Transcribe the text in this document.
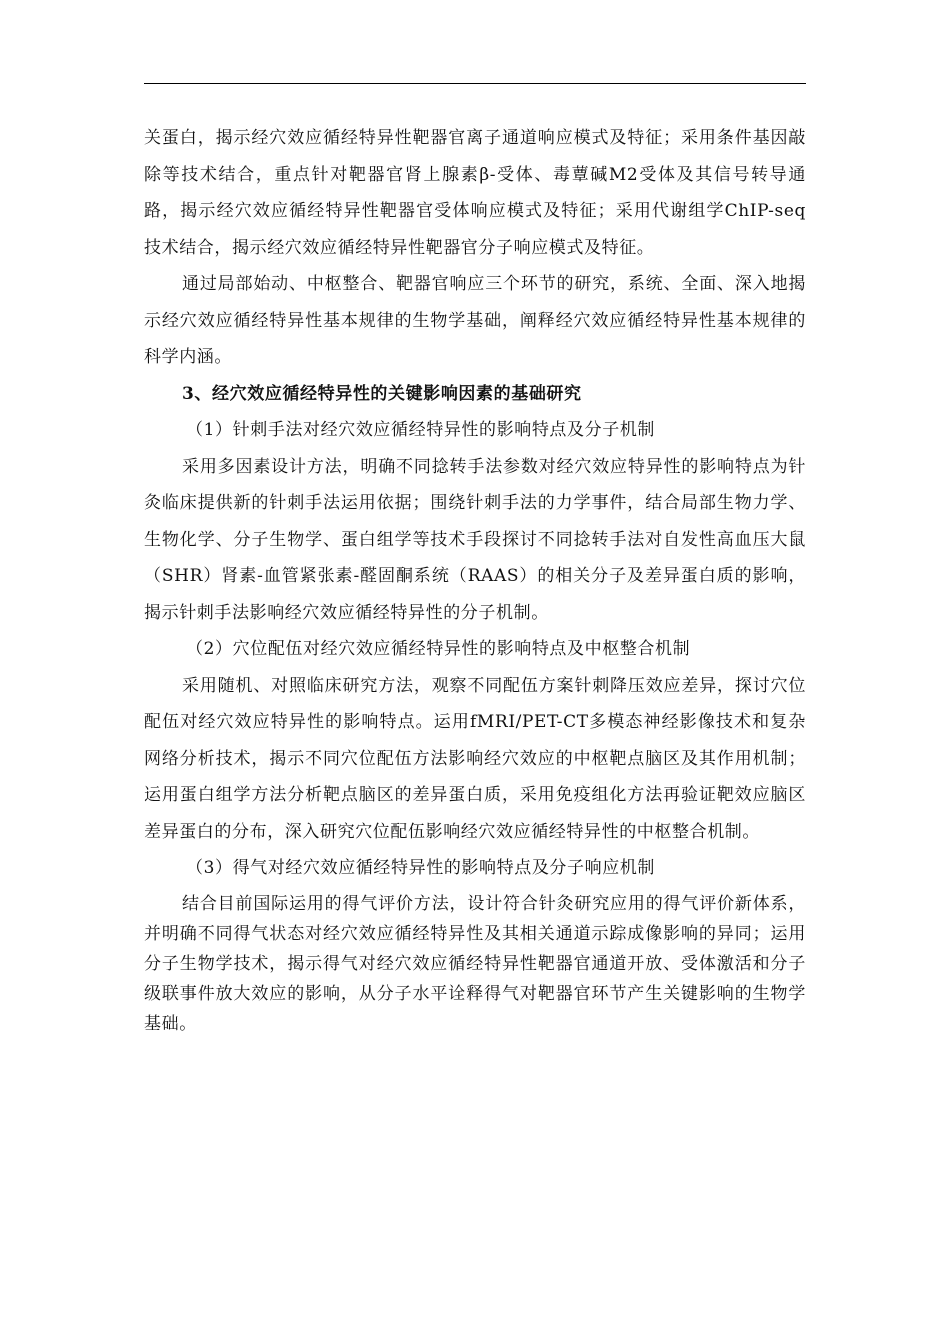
关蛋白，揭示经穴效应循经特异性靶器官离子通道响应模式及特征；采用条件基因敲除等技术结合，重点针对靶器官肾上腺素β-受体、毒蕈碱M2受体及其信号转导通路，揭示经穴效应循经特异性靶器官受体响应模式及特征；采用代谢组学ChIP-seq技术结合，揭示经穴效应循经特异性靶器官分子响应模式及特征。

通过局部始动、中枢整合、靶器官响应三个环节的研究，系统、全面、深入地揭示经穴效应循经特异性基本规律的生物学基础，阐释经穴效应循经特异性基本规律的科学内涵。

3、经穴效应循经特异性的关键影响因素的基础研究

（1）针刺手法对经穴效应循经特异性的影响特点及分子机制

采用多因素设计方法，明确不同捻转手法参数对经穴效应特异性的影响特点为针灸临床提供新的针刺手法运用依据；围绕针刺手法的力学事件，结合局部生物力学、生物化学、分子生物学、蛋白组学等技术手段探讨不同捻转手法对自发性高血压大鼠（SHR）肾素-血管紧张素-醛固酮系统（RAAS）的相关分子及差异蛋白质的影响，揭示针刺手法影响经穴效应循经特异性的分子机制。

（2）穴位配伍对经穴效应循经特异性的影响特点及中枢整合机制

采用随机、对照临床研究方法，观察不同配伍方案针刺降压效应差异，探讨穴位配伍对经穴效应特异性的影响特点。运用fMRI/PET-CT多模态神经影像技术和复杂网络分析技术，揭示不同穴位配伍方法影响经穴效应的中枢靶点脑区及其作用机制；运用蛋白组学方法分析靶点脑区的差异蛋白质，采用免疫组化方法再验证靶效应脑区差异蛋白的分布，深入研究穴位配伍影响经穴效应循经特异性的中枢整合机制。

（3）得气对经穴效应循经特异性的影响特点及分子响应机制

结合目前国际运用的得气评价方法，设计符合针灸研究应用的得气评价新体系，并明确不同得气状态对经穴效应循经特异性及其相关通道示踪成像影响的异同；运用分子生物学技术，揭示得气对经穴效应循经特异性靶器官通道开放、受体激活和分子级联事件放大效应的影响，从分子水平诠释得气对靶器官环节产生关键影响的生物学基础。
